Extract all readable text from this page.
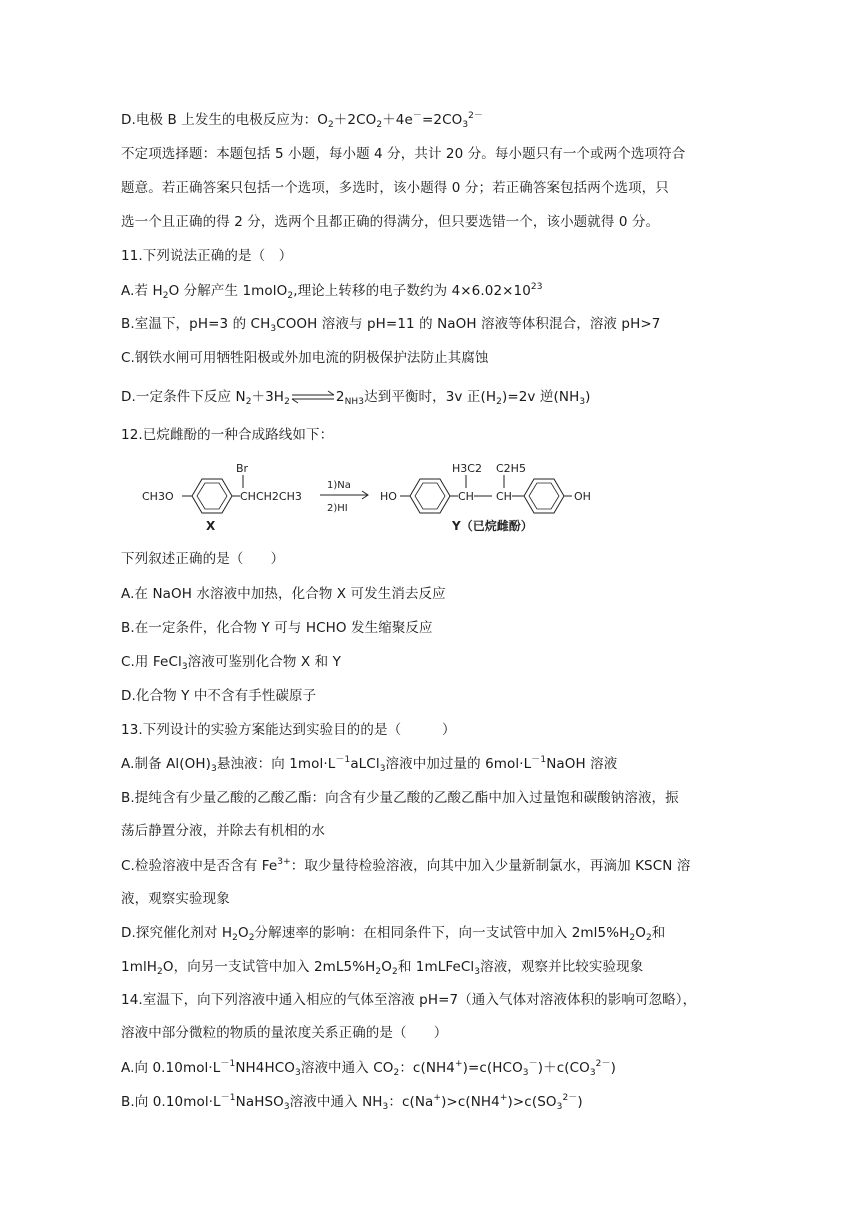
D.电极 B 上发生的电极反应为：$O_2+2CO_2+4e^-=2CO_3^{2-}$
不定项选择题：本题包括 5 小题，每小题 4 分，共计 20 分。每小题只有一个或两个选项符合
题意。若正确答案只包括一个选项，多选时，该小题得 0 分；若正确答案包括两个选项，只
选一个且正确的得 2 分，选两个且都正确的得满分，但只要选错一个，该小题就得 0 分。
11.下列说法正确的是（　）
A.若 $H_2O$ 分解产生 1molO$_2$,理论上转移的电子数约为 $4\times 6.02\times 10^{23}$
B.室温下，pH=3 的 $CH_3COOH$ 溶液与 pH=11 的 NaOH 溶液等体积混合，溶液 pH>7
C.钢铁水闸可用牺牲阳极或外加电流的阴极保护法防止其腐蚀
D.一定条件下反应 $N_2+3H_2\rightleftharpoons 2_{NH3}$达到平衡时，3v 正$(H_2)=2v$ 逆$(NH_3)$
12.已烷雌酚的一种合成路线如下：
CH3O
Br
CHCH2CH3
X
1)Na
2)HI
HO
H3C2
CH
C2H5
CH	OH
Y（已烷雌酚）
下列叙述正确的是（　　）
A.在 NaOH 水溶液中加热，化合物 X 可发生消去反应
B.在一定条件，化合物 Y 可与 HCHO 发生缩聚反应
C.用 FeCl$_3$溶液可鉴别化合物 X 和 Y
D.化合物 Y 中不含有手性碳原子
13.下列设计的实验方案能达到实验目的的是（　　　）
A.制备 $Al(OH)_3$悬浊液：向 $1mol\cdot L^{-1}aLCl_3$溶液中加过量的 $6mol\cdot L^{-1}NaOH$ 溶液
B.提纯含有少量乙酸的乙酸乙酯：向含有少量乙酸的乙酸乙酯中加入过量饱和碳酸钠溶液，振
荡后静置分液，并除去有机相的水
C.检验溶液中是否含有 $Fe^{3+}$：取少量待检验溶液，向其中加入少量新制氯水，再滴加 KSCN 溶
液，观察实验现象
D.探究催化剂对 $H_2O_2$分解速率的影响：在相同条件下，向一支试管中加入 $2ml5\%H_2O_2$和
1mlH$_2$O，向另一支试管中加入 $2mL5\%H_2O_2$和 1mLFeCl$_3$溶液，观察并比较实验现象
14.室温下，向下列溶液中通入相应的气体至溶液 pH=7（通入气体对溶液体积的影响可忽略），
溶液中部分微粒的物质的量浓度关系正确的是（　　）
A.向 $0.10mol\cdot L^{-1}NH4HCO_3$溶液中通入 $CO_2$：$c(NH4^+)=c(HCO_3^-)+c(CO_3^{2-})$
B.向 $0.10mol\cdot L^{-1}NaHSO_3$溶液中通入 $NH_3$：$c(Na^+)>c(NH4^+)>c(SO_3^{2-})$
